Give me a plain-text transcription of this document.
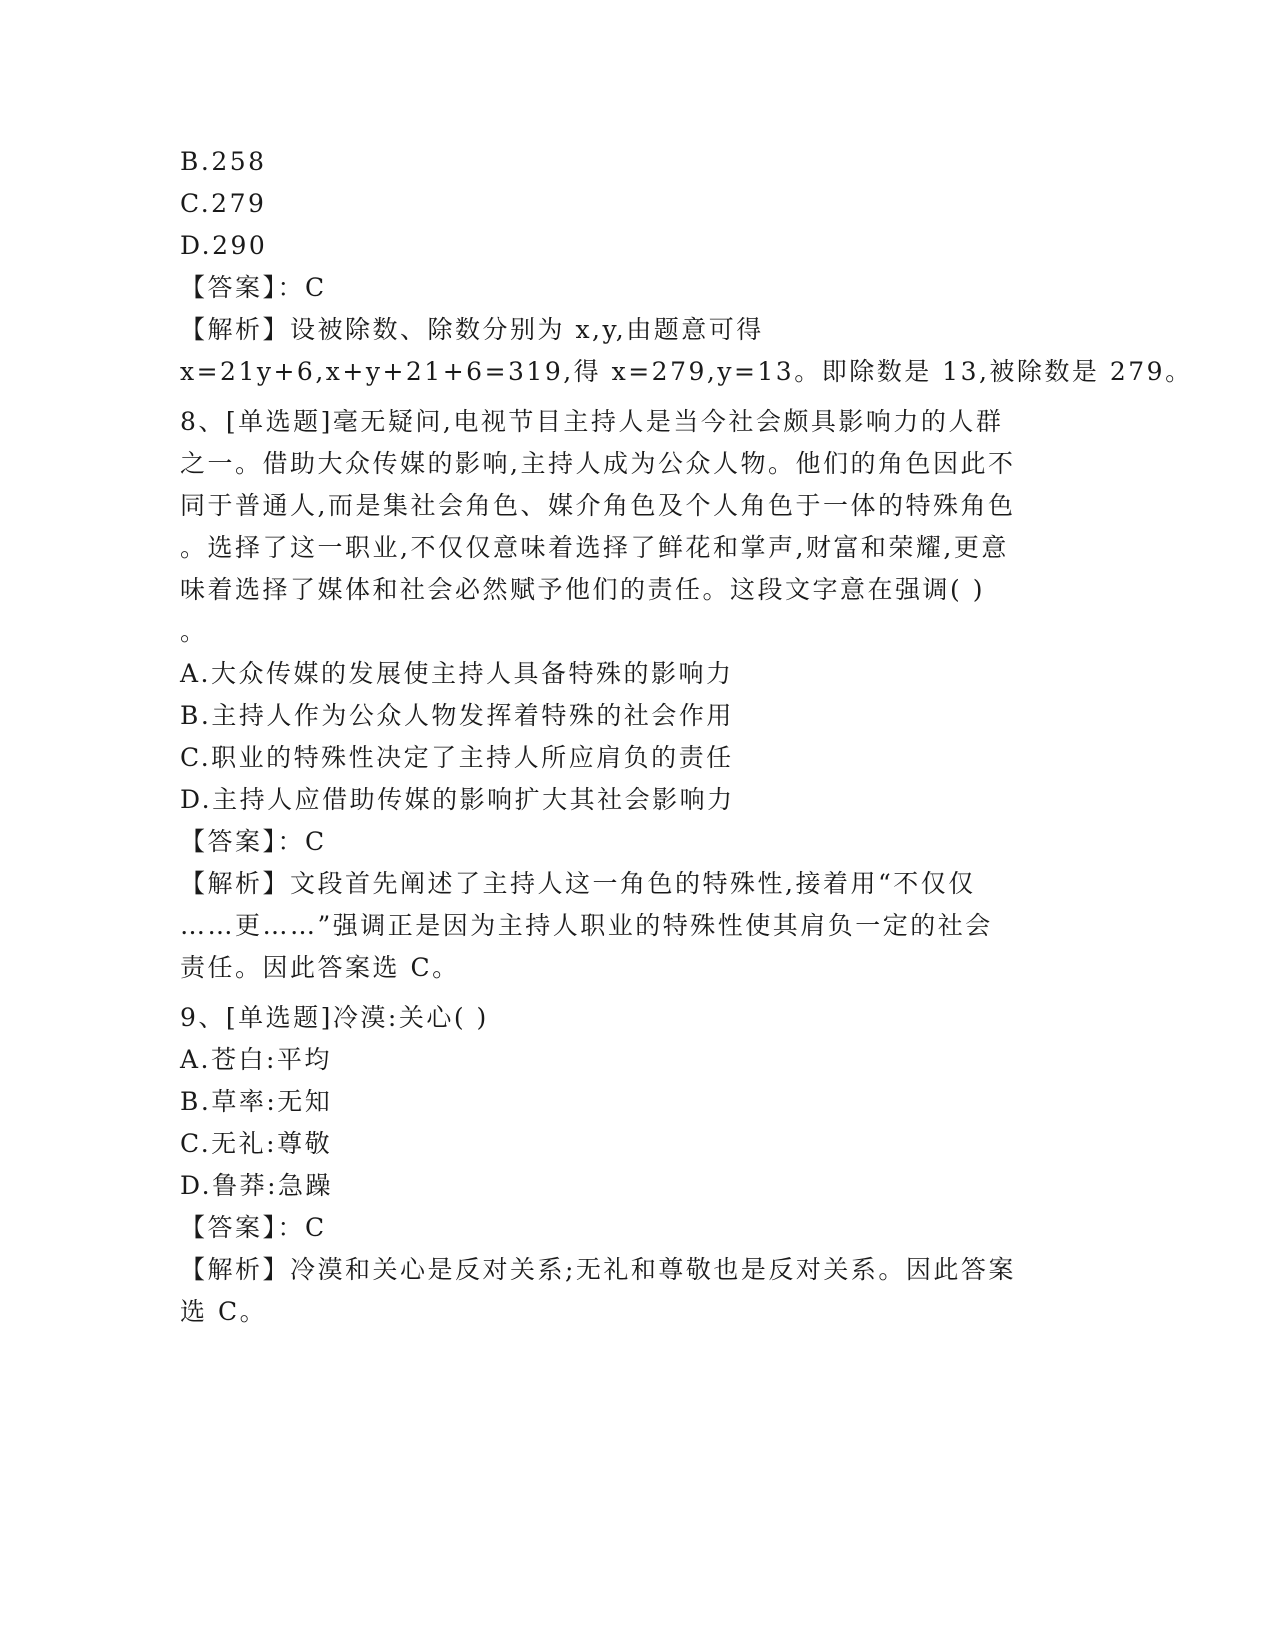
B.258
C.279
D.290
【答案】：C
【解析】设被除数、除数分别为 x,y,由题意可得
x=21y+6,x+y+21+6=319,得 x=279,y=13。即除数是 13,被除数是 279。
8、[单选题]毫无疑问,电视节目主持人是当今社会颇具影响力的人群
之一。借助大众传媒的影响,主持人成为公众人物。他们的角色因此不
同于普通人,而是集社会角色、媒介角色及个人角色于一体的特殊角色
。选择了这一职业,不仅仅意味着选择了鲜花和掌声,财富和荣耀,更意
味着选择了媒体和社会必然赋予他们的责任。这段文字意在强调( )
。
A.大众传媒的发展使主持人具备特殊的影响力
B.主持人作为公众人物发挥着特殊的社会作用
C.职业的特殊性决定了主持人所应肩负的责任
D.主持人应借助传媒的影响扩大其社会影响力
【答案】：C
【解析】文段首先阐述了主持人这一角色的特殊性,接着用“不仅仅
……更……”强调正是因为主持人职业的特殊性使其肩负一定的社会
责任。因此答案选 C。
9、[单选题]冷漠:关心( )
A.苍白:平均
B.草率:无知
C.无礼:尊敬
D.鲁莽:急躁
【答案】：C
【解析】冷漠和关心是反对关系;无礼和尊敬也是反对关系。因此答案
选 C。
